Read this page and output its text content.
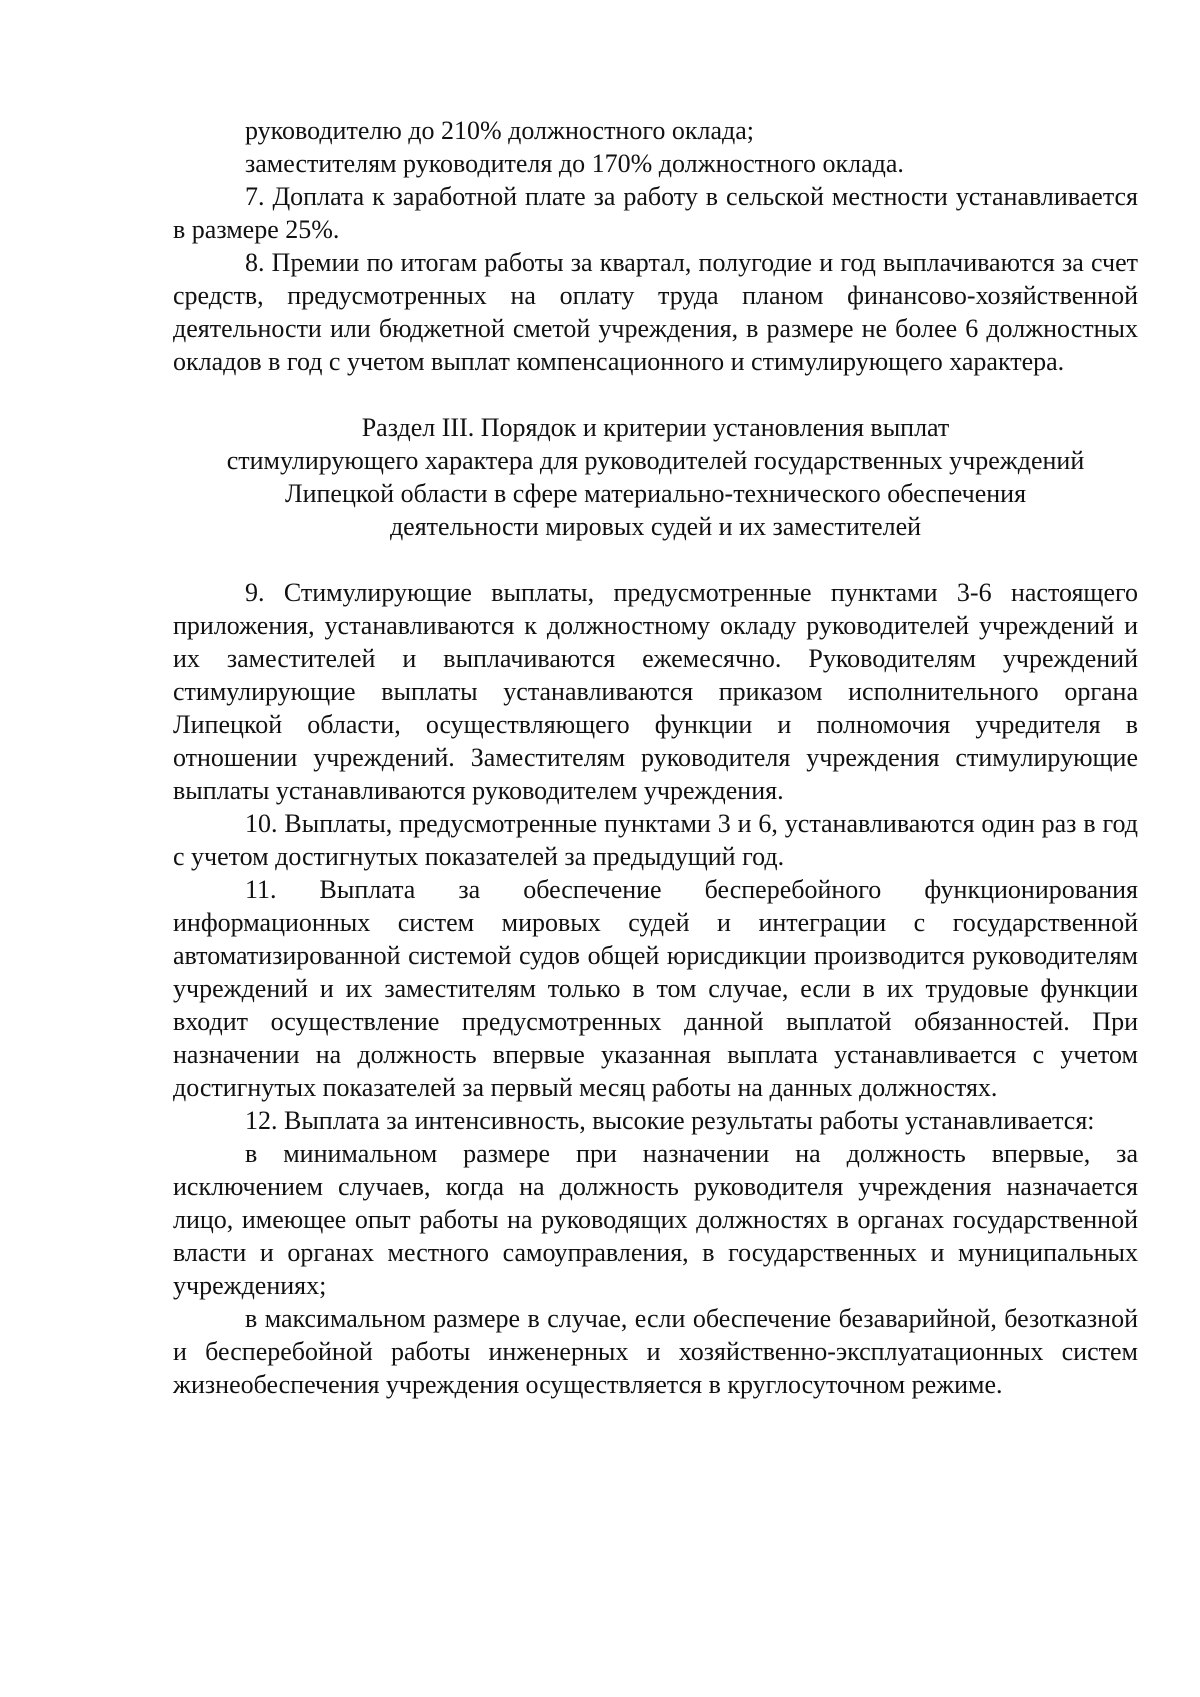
руководителю до 210% должностного оклада;

заместителям руководителя до 170% должностного оклада.

7. Доплата к заработной плате за работу в сельской местности устанавливается в размере 25%.

8. Премии по итогам работы за квартал, полугодие и год выплачиваются за счет средств, предусмотренных на оплату труда планом финансово-хозяйственной деятельности или бюджетной сметой учреждения, в размере не более 6 должностных окладов в год с учетом выплат компенсационного и стимулирующего характера.

Раздел III. Порядок и критерии установления выплат
стимулирующего характера для руководителей государственных учреждений
Липецкой области в сфере материально-технического обеспечения
деятельности мировых судей и их заместителей

9. Стимулирующие выплаты, предусмотренные пунктами 3-6 настоящего приложения, устанавливаются к должностному окладу руководителей учреждений и их заместителей и выплачиваются ежемесячно. Руководителям учреждений стимулирующие выплаты устанавливаются приказом исполнительного органа Липецкой области, осуществляющего функции и полномочия учредителя в отношении учреждений. Заместителям руководителя учреждения стимулирующие выплаты устанавливаются руководителем учреждения.

10. Выплаты, предусмотренные пунктами 3 и 6, устанавливаются один раз в год с учетом достигнутых показателей за предыдущий год.

11. Выплата за обеспечение бесперебойного функционирования информационных систем мировых судей и интеграции с государственной автоматизированной системой судов общей юрисдикции производится руководителям учреждений и их заместителям только в том случае, если в их трудовые функции входит осуществление предусмотренных данной выплатой обязанностей. При назначении на должность впервые указанная выплата устанавливается с учетом достигнутых показателей за первый месяц работы на данных должностях.

12. Выплата за интенсивность, высокие результаты работы устанавливается:

в минимальном размере при назначении на должность впервые, за исключением случаев, когда на должность руководителя учреждения назначается лицо, имеющее опыт работы на руководящих должностях в органах государственной власти и органах местного самоуправления, в государственных и муниципальных учреждениях;

в максимальном размере в случае, если обеспечение безаварийной, безотказной и бесперебойной работы инженерных и хозяйственно-эксплуатационных систем жизнеобеспечения учреждения осуществляется в круглосуточном режиме.
